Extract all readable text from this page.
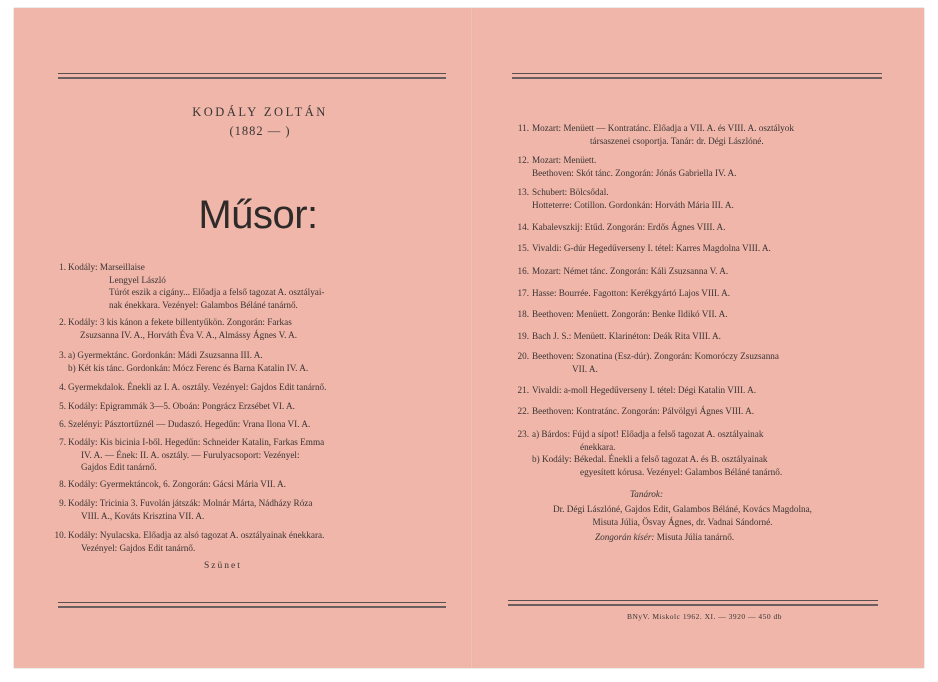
KODÁLY ZOLTÁN
(1882 — )
Műsor:
1. Kodály: Marseillaise
Lengyel László
Túrót eszik a cigány... Előadja a felső tagozat A. osztályai-
nak énekkara. Vezényel: Galambos Béláné tanárnő.
2. Kodály: 3 kis kánon a fekete billentyűkön. Zongorán: Farkas
Zsuzsanna IV. A., Horváth Éva V. A., Almássy Ágnes V. A.
3. a) Gyermektánc. Gordonkán: Mádi Zsuzsanna III. A.
b) Két kis tánc. Gordonkán: Mócz Ferenc és Barna Katalin IV. A.
4. Gyermekdalok. Énekli az I. A. osztály. Vezényel: Gajdos Edit tanárnő.
5. Kodály: Epigrammák 3—5. Oboán: Pongrácz Erzsébet VI. A.
6. Szelényi: Pásztortűznél — Dudaszó. Hegedűn: Vrana Ilona VI. A.
7. Kodály: Kis bicinia I-ből. Hegedűn: Schneider Katalin, Farkas Emma
IV. A. — Ének: II. A. osztály. — Furulyacsoport: Vezényel:
Gajdos Edit tanárnő.
8. Kodály: Gyermektáncok, 6. Zongorán: Gácsi Mária VII. A.
9. Kodály: Tricinia 3. Fuvolán játszák: Molnár Márta, Nádházy Róza
VIII. A., Kováts Krisztina VII. A.
10. Kodály: Nyulacska. Előadja az alsó tagozat A. osztályainak énekkara.
Vezényel: Gajdos Edit tanárnő.
Szünet
11. Mozart: Menüett — Kontratánc. Előadja a VII. A. és VIII. A. osztályok
társaszenei csoportja. Tanár: dr. Dégi Lászlóné.
12. Mozart: Menüett.
Beethoven: Skót tánc. Zongorán: Jónás Gabriella IV. A.
13. Schubert: Bölcsődal.
Hotteterre: Cotillon. Gordonkán: Horváth Mária III. A.
14. Kabalevszkij: Etűd. Zongorán: Erdős Ágnes VIII. A.
15. Vivaldi: G-dúr Hegedűverseny I. tétel: Karres Magdolna VIII. A.
16. Mozart: Német tánc. Zongorán: Káli Zsuzsanna V. A.
17. Hasse: Bourrée. Fagotton: Kerékgyártó Lajos VIII. A.
18. Beethoven: Menüett. Zongorán: Benke Ildikó VII. A.
19. Bach J. S.: Menüett. Klarinéton: Deák Rita VIII. A.
20. Beethoven: Szonatina (Esz-dúr). Zongorán: Komoróczy Zsuzsanna
VII. A.
21. Vivaldi: a-moll Hegedűverseny I. tétel: Dégi Katalin VIII. A.
22. Beethoven: Kontratánc. Zongorán: Pálvölgyi Ágnes VIII. A.
23. a) Bárdos: Fújd a sípot! Előadja a felső tagozat A. osztályainak
énekkara.
b) Kodály: Békedal. Énekli a felső tagozat A. és B. osztályainak
egyesített kórusa. Vezényel: Galambos Béláné tanárnő.
Tanárok:
Dr. Dégi Lászlóné, Gajdos Edit, Galambos Béláné, Kovács Magdolna,
Misuta Júlia, Ösvay Ágnes, dr. Vadnai Sándorné.
Zongorán kísér: Misuta Júlia tanárnő.
BNyV. Miskolc 1962. XI. — 3920 — 450 db
